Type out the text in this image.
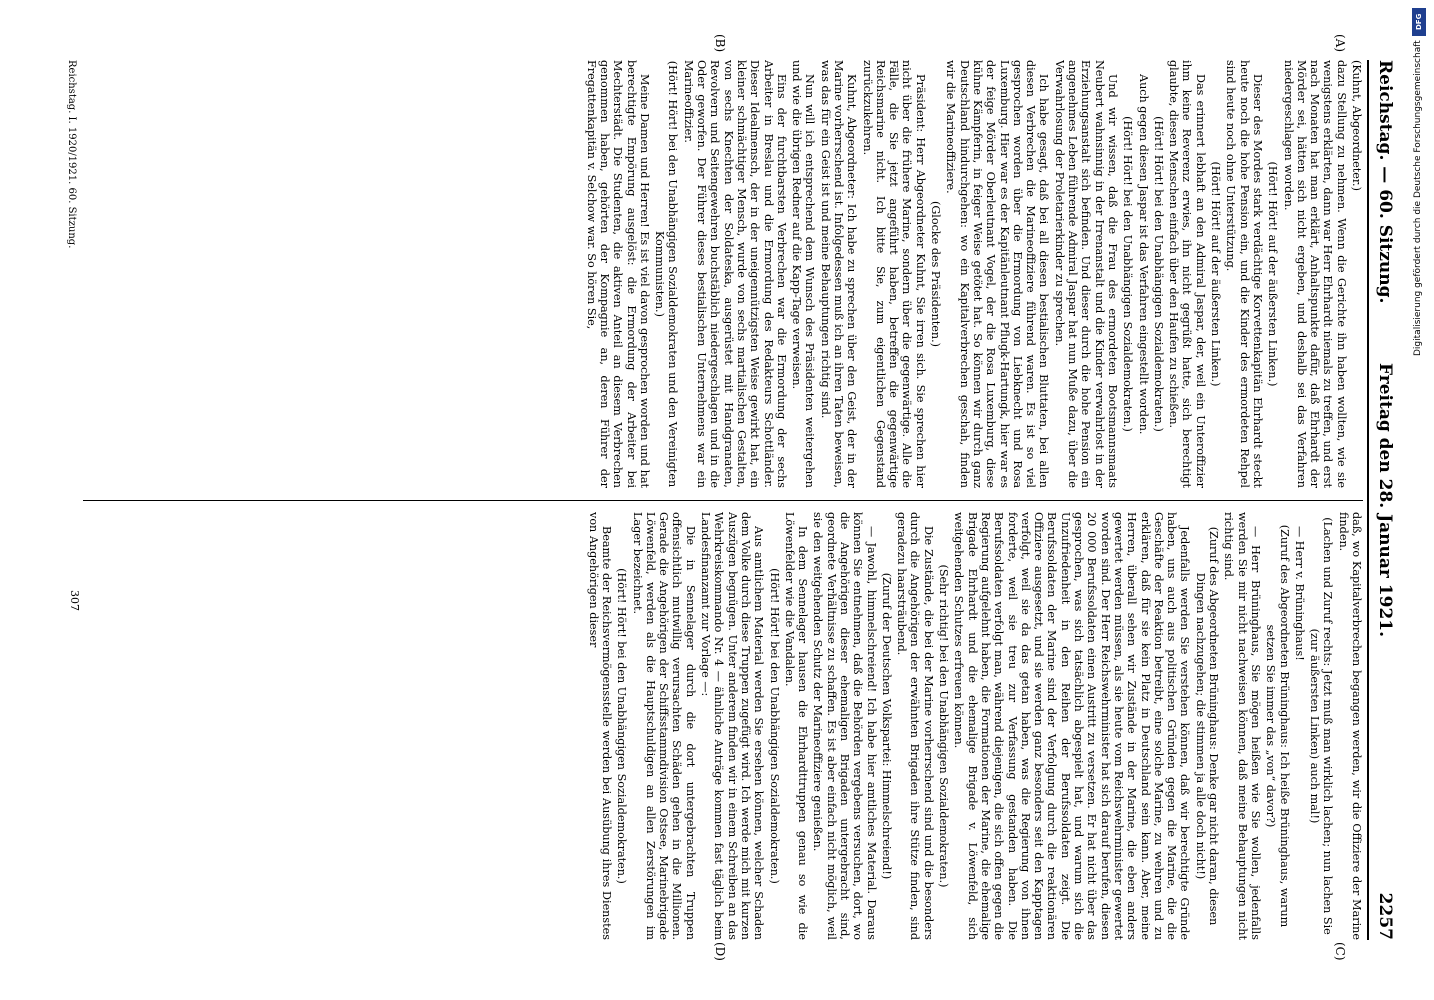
Reichstag. — 60. Sitzung.
Freitag den 28. Januar 1921.
2257
(A)
(B)
(C)
(D)

(Kuhnt, Abgeordneter.)

dazu Stellung zu nehmen. Wenn die Gerichte ihn haben wollten, wie sie wenigstens erklärten, dann war Herr Ehrhardt niemals zu treffen, und erst nach Monaten hat man erklärt, Anhaltspunkte dafür, daß Ehrhardt der Mörder sei, hätten sich nicht ergeben, und deshalb sei das Verfahren niedergeschlagen worden.

(Hört! Hört! auf der äußersten Linken.)

Dieser des Mordes stark verdächtige Korvettenkapitän Ehrhardt steckt heute noch die hohe Pension ein, und die Kinder des ermordeten Rehpel sind heute noch ohne Unterstützung.

(Hört! Hört! auf der äußersten Linken.)

Das erinnert lebhaft an den Admiral Jaspar, der, weil ein Unteroffizier ihm keine Reverenz erwies, ihn nicht gegrüßt hatte, sich berechtigt glaubte, diesen Menschen einfach über den Haufen zu schießen.

(Hört! Hört! bei den Unabhängigen Sozialdemokraten.)

Auch gegen diesen Jaspar ist das Verfahren eingestellt worden.

(Hört! Hört! bei den Unabhängigen Sozialdemokraten.)

Und wir wissen, daß die Frau des ermordeten Bootsmannsmaats Neubert wahnsinnig in der Irrenanstalt und die Kinder verwahrlost in der Erziehungsanstalt sich befinden. Und dieser durch die hohe Pension ein angenehmes Leben führende Admiral Jaspar hat nun Muße dazu, über die Verwahrlosung der Proletarierkinder zu sprechen.

Ich habe gesagt, daß bei all diesen bestialischen Bluttaten, bei allen diesen Verbrechen die Marineoffiziere führend waren. Es ist so viel gesprochen worden über die Ermordung von Liebknecht und Rosa Luxemburg. Hier war es der Kapitänleutnant Pflugk-Hartungk, hier war es der feige Mörder Oberleutnant Vogel, der die Rosa Luxemburg, diese kühne Kämpferin, in feiger Weise getötet hat. So können wir durch ganz Deutschland hindurchgehen: wo ein Kapitalverbrechen geschah, finden wir die Marineoffiziere.

(Glocke des Präsidenten.)

Präsident: Herr Abgeordneter Kuhnt, Sie irren sich. Sie sprechen hier nicht über die frühere Marine, sondern über die gegenwärtige. Alle die Fälle, die Sie jetzt angeführt haben, betreffen die gegenwärtige Reichsmarine nicht. Ich bitte Sie, zum eigentlichen Gegenstand zurückzukehren.

Kuhnt, Abgeordneter: Ich habe zu sprechen über den Geist, der in der Marine vorherrschend ist. Infolgedessen muß ich an ihren Taten beweisen, was das für ein Geist ist und meine Behauptungen richtig sind.

Nun will ich entsprechend dem Wunsch des Präsidenten weitergehen und wie die übrigen Redner auf die Kapp-Tage verweisen.

Eins der furchtbarsten Verbrechen war die Ermordung der sechs Arbeiter in Breslau und die Ermordung des Redakteurs Schottländer. Dieser Idealmensch, der in der uneigennützigsten Weise gewirkt hat, ein kleiner schmächtiger Mensch, wurde von sechs martialischen Gestalten, von sechs Knechten der Soldateska, ausgerüstet mit Handgranaten, Revolvern und Seitengewehren buchstäblich niedergeschlagen und in die Oder geworfen. Der Führer dieses bestialischen Unternehmens war ein Marineoffizier.

(Hört! Hört! bei den Unabhängigen Sozialdemokraten und den Vereinigten Kommunisten.)

Meine Damen und Herren! Es ist viel davon gesprochen worden und hat berechtigte Empörung ausgelöst: die Ermordung der Arbeiter bei Mechterstädt. Die Studenten, die aktiven Anteil an diesem Verbrechen genommen haben, gehörten der Kompagnie an, deren Führer der Fregattenkapitän v. Selchow war. So hören Sie,

daß, wo Kapitalverbrechen begangen werden, wir die Offiziere der Marine finden.

(Lachen und Zuruf rechts: Jetzt muß man wirklich lachen; nun lachen Sie (zur äußersten Linken) auch mal!)

— Herr v. Brüninghaus!

(Zuruf des Abgeordneten Brüninghaus: Ich heiße Brüninghaus, warum setzen Sie immer das „von“ davor?)

— Herr Brüninghaus, Sie mögen heißen wie Sie wollen, jedenfalls werden Sie mir nicht nachweisen können, daß meine Behauptungen nicht richtig sind.

(Zuruf des Abgeordneten Brüninghaus: Denke gar nicht daran, diesen Dingen nachzugehen; die stimmen ja alle doch nicht!)

Jedenfalls werden Sie verstehen können, daß wir berechtigte Gründe haben, uns auch aus politischen Gründen gegen die Marine, die die Geschäfte der Reaktion betreibt, eine solche Marine, zu wehren und zu erklären, daß für sie kein Platz in Deutschland sein kann. Aber, meine Herren, überall sehen wir Zustände in der Marine, die eben anders gewertet werden müssen, als sie heute vom Reichswehrminister gewertet worden sind. Der Herr Reichswehrminister hat sich darauf berufen, diesen 20 000 Berufssoldaten einen Austritt zu versetzen. Er hat nicht über das gesprochen, was sich tatsächlich abgespielt hat, und warum sich die Unzufriedenheit in den Reihen der Berufssoldaten zeigt. Die Berufssoldaten der Marine sind der Verfolgung durch die reaktionären Offiziere ausgesetzt, und sie werden ganz besonders seit den Kapptagen verfolgt, weil sie da das getan haben, was die Regierung von ihnen forderte, weil sie treu zur Verfassung gestanden haben. Die Berufssoldaten verfolgt man, während diejenigen, die sich offen gegen die Regierung aufgelehnt haben, die Formationen der Marine, die ehemalige Brigade Ehrhardt und die ehemalige Brigade v. Löwenfeld, sich weitgehenden Schutzes erfreuen können.

(Sehr richtig! bei den Unabhängigen Sozialdemokraten.)

Die Zustände, die bei der Marine vorherrschend sind und die besonders durch die Angehörigen der erwähnten Brigaden ihre Stütze finden, sind geradezu haarsträubend.

(Zuruf der Deutschen Volkspartei: Himmelschreiend!)

— Jawohl, himmelschreiend! Ich habe hier amtliches Material. Daraus können Sie entnehmen, daß die Behörden vergebens versuchen, dort, wo die Angehörigen dieser ehemaligen Brigaden untergebracht sind, geordnete Verhältnisse zu schaffen. Es ist aber einfach nicht möglich, weil sie den weitgehenden Schutz der Marineoffiziere genießen.

In dem Sennelager hausen die Ehrhardttruppen genau so wie die Löwenfelder wie die Vandalen.

(Hört! Hört! bei den Unabhängigen Sozialdemokraten.)

Aus amtlichem Material werden Sie ersehen können, welcher Schaden dem Volke durch diese Truppen zugefügt wird. Ich werde mich mit kurzen Auszügen begnügen. Unter anderem finden wir in einem Schreiben an das Wehrkreiskommando Nr. 4 — ähnliche Anträge kommen fast täglich beim Landesfinanzamt zur Vorlage —:

Die in Sennelager durch die dort untergebrachten Truppen offensichtlich mutwillig verursachten Schäden gehen in die Millionen. Gerade die Angehörigen der Schiffsstammdivision Ostsee, Marinebrigade Löwenfeld, werden als die Hauptschuldigen an allen Zerstörungen im Lager bezeichnet.

(Hört! Hört! bei den Unabhängigen Sozialdemokraten.)

Beamte der Reichsvermögensstelle werden bei Ausübung ihres Dienstes von Angehörigen dieser

Reichstag. I. 1920/1921. 60. Sitzung.
307
DFG
Digitalisierung gefördert durch die Deutsche Forschungsgemeinschaft
